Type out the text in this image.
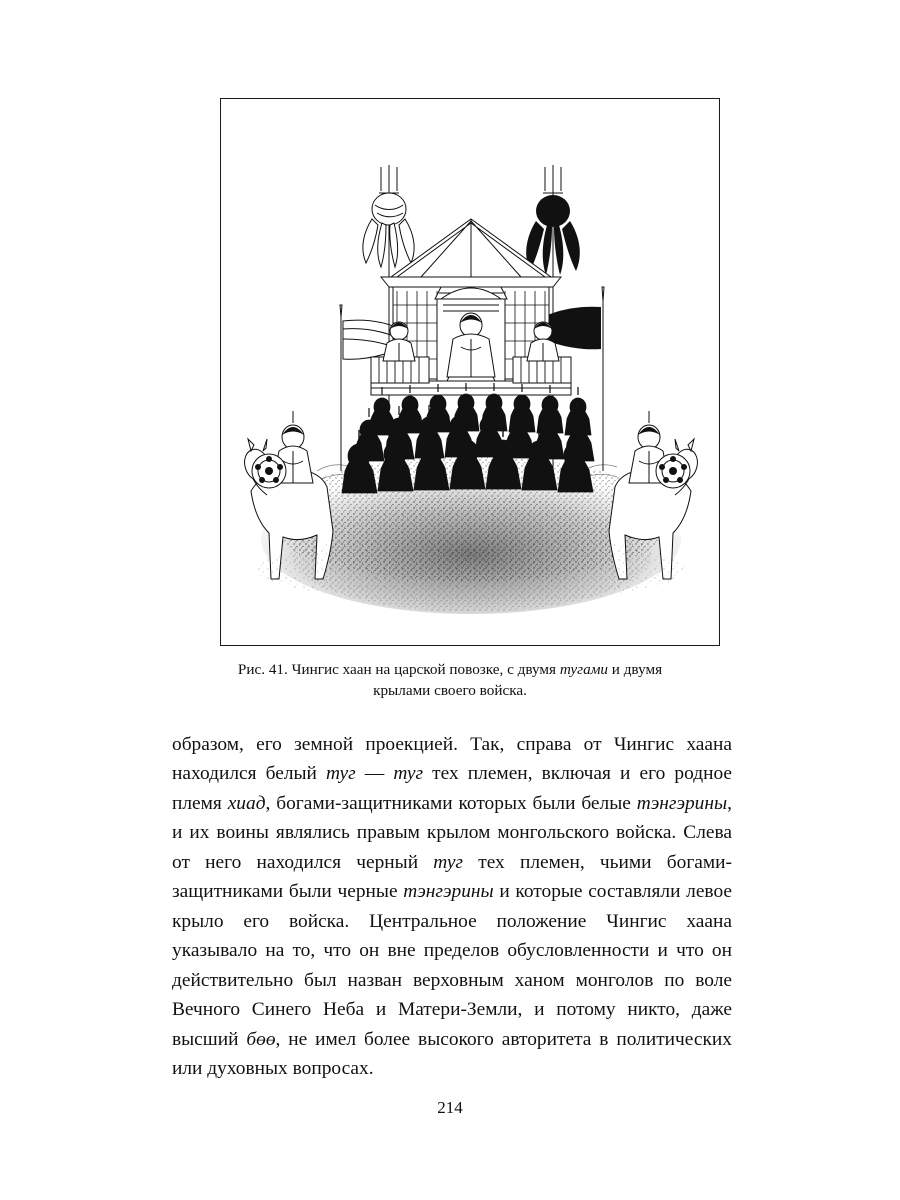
Рис. 41. Чингис хаан на царской повозке, с двумя тугами и двумя
крылами своего войска.

образом, его земной проекцией. Так, справа от Чингис хаана находился белый туг — туг тех племен, включая и его родное племя хиад, богами-защитниками которых были белые тэнгэрины, и их воины являлись правым крылом монгольского войска. Слева от него находился черный туг тех племен, чьими богами-защитниками были черные тэнгэрины и которые составляли левое крыло его войска. Центральное положение Чингис хаана указывало на то, что он вне пределов обусловленности и что он действительно был назван верховным ханом монголов по воле Вечного Синего Неба и Матери-Земли, и потому никто, даже высший бөө, не имел более высокого авторитета в политических или духовных вопросах.

214
